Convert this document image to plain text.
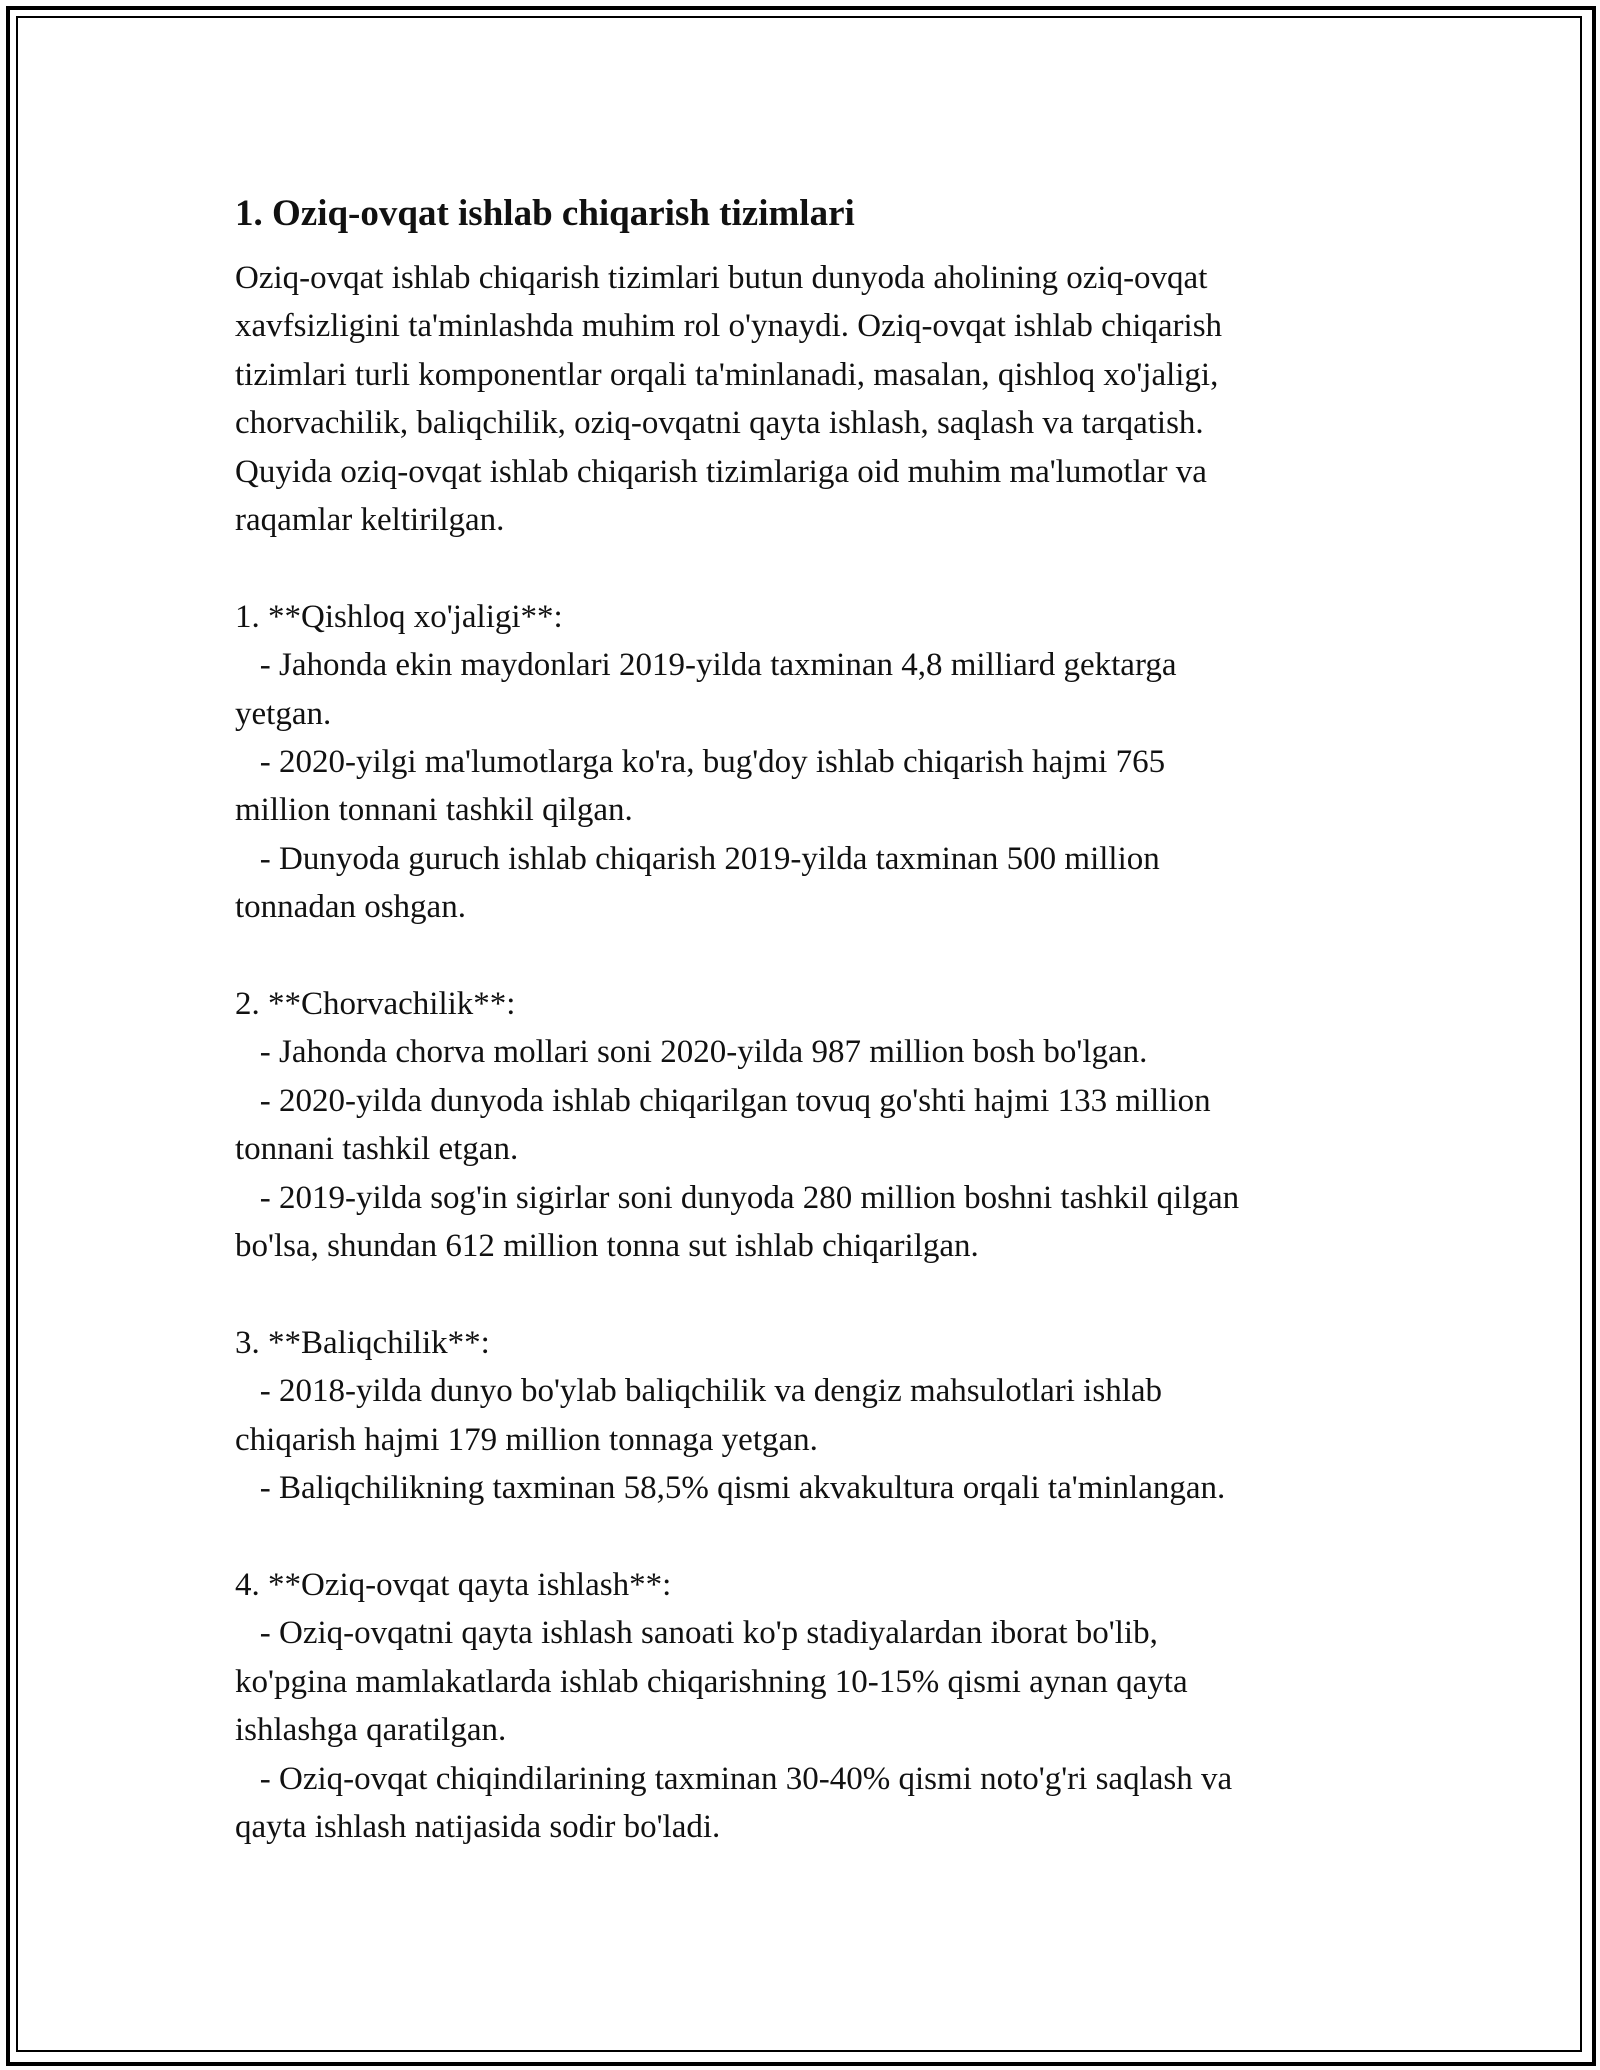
1. Oziq-ovqat ishlab chiqarish tizimlari

Oziq-ovqat ishlab chiqarish tizimlari butun dunyoda aholining oziq-ovqat
xavfsizligini ta'minlashda muhim rol o'ynaydi. Oziq-ovqat ishlab chiqarish
tizimlari turli komponentlar orqali ta'minlanadi, masalan, qishloq xo'jaligi,
chorvachilik, baliqchilik, oziq-ovqatni qayta ishlash, saqlash va tarqatish.
Quyida oziq-ovqat ishlab chiqarish tizimlariga oid muhim ma'lumotlar va
raqamlar keltirilgan.

1. **Qishloq xo'jaligi**:

- Jahonda ekin maydonlari 2019-yilda taxminan 4,8 milliard gektarga
yetgan.

- 2020-yilgi ma'lumotlarga ko'ra, bug'doy ishlab chiqarish hajmi 765
million tonnani tashkil qilgan.

- Dunyoda guruch ishlab chiqarish 2019-yilda taxminan 500 million
tonnadan oshgan.

2. **Chorvachilik**:

- Jahonda chorva mollari soni 2020-yilda 987 million bosh bo'lgan.

- 2020-yilda dunyoda ishlab chiqarilgan tovuq go'shti hajmi 133 million
tonnani tashkil etgan.

- 2019-yilda sog'in sigirlar soni dunyoda 280 million boshni tashkil qilgan
bo'lsa, shundan 612 million tonna sut ishlab chiqarilgan.

3. **Baliqchilik**:

- 2018-yilda dunyo bo'ylab baliqchilik va dengiz mahsulotlari ishlab
chiqarish hajmi 179 million tonnaga yetgan.

- Baliqchilikning taxminan 58,5% qismi akvakultura orqali ta'minlangan.

4. **Oziq-ovqat qayta ishlash**:

- Oziq-ovqatni qayta ishlash sanoati ko'p stadiyalardan iborat bo'lib,
ko'pgina mamlakatlarda ishlab chiqarishning 10-15% qismi aynan qayta
ishlashga qaratilgan.

- Oziq-ovqat chiqindilarining taxminan 30-40% qismi noto'g'ri saqlash va
qayta ishlash natijasida sodir bo'ladi.
